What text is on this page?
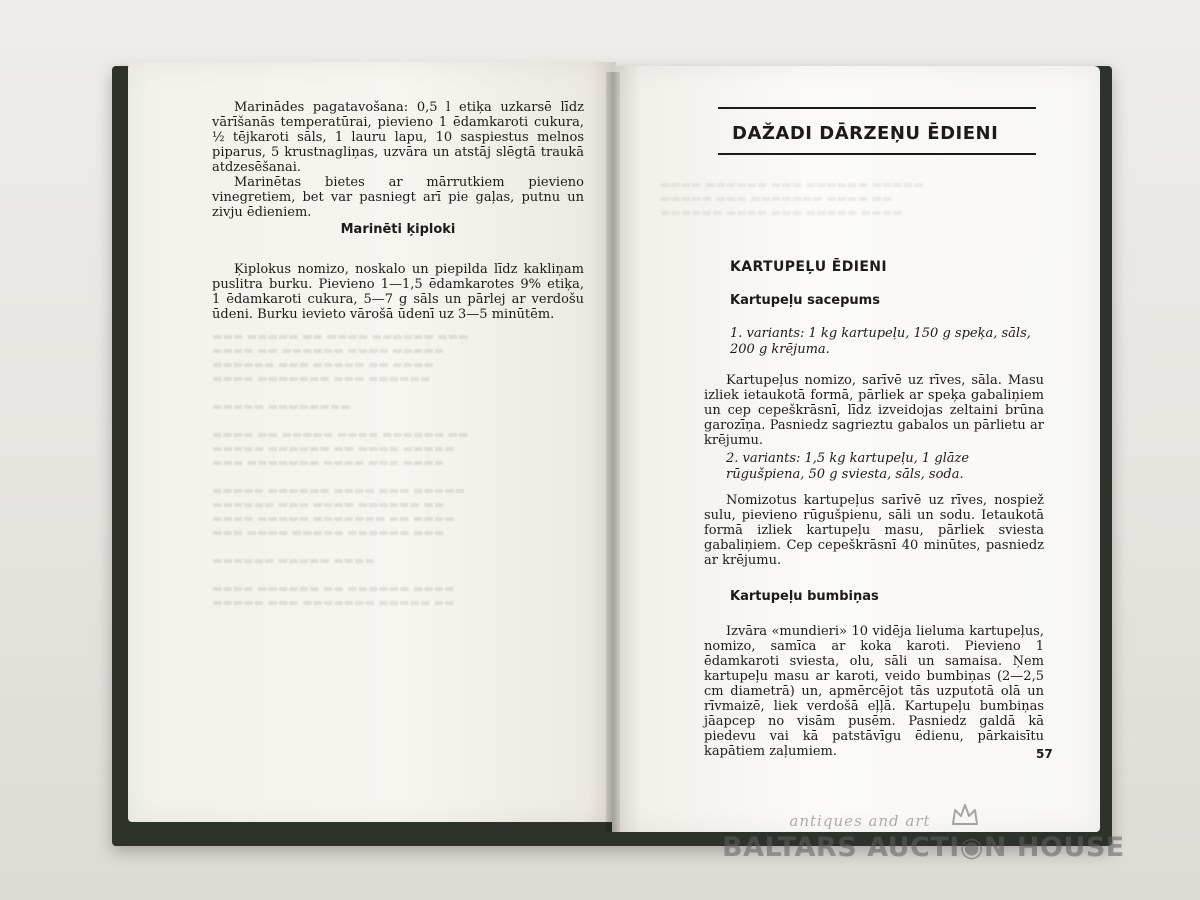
▬▬▬ ▬▬▬▬▬ ▬▬ ▬▬▬▬ ▬▬▬▬▬▬ ▬▬▬
▬▬▬▬ ▬▬ ▬▬▬▬▬▬ ▬▬▬▬ ▬▬▬▬▬
▬▬▬▬▬▬ ▬▬▬ ▬▬▬▬▬ ▬▬ ▬▬▬▬
▬▬▬▬ ▬▬▬▬▬▬▬ ▬▬▬ ▬▬▬▬▬▬

▬▬▬▬▬ ▬▬▬▬▬▬▬▬

▬▬▬▬ ▬▬ ▬▬▬▬▬ ▬▬▬▬ ▬▬▬▬▬▬ ▬▬
▬▬▬▬▬ ▬▬▬▬▬▬ ▬▬ ▬▬▬▬ ▬▬▬▬▬
▬▬▬ ▬▬▬▬▬▬▬ ▬▬▬▬ ▬▬▬ ▬▬▬▬

▬▬▬▬▬ ▬▬▬▬▬▬ ▬▬▬▬ ▬▬▬ ▬▬▬▬▬
▬▬▬▬▬▬ ▬▬▬ ▬▬▬▬ ▬▬▬▬▬▬ ▬▬
▬▬▬▬ ▬▬▬▬▬ ▬▬▬▬▬▬▬ ▬▬ ▬▬▬▬
▬▬▬ ▬▬▬▬ ▬▬▬▬▬ ▬▬▬▬▬▬ ▬▬▬

▬▬▬▬▬▬ ▬▬▬▬▬ ▬▬▬▬

▬▬▬▬ ▬▬▬▬▬▬ ▬▬ ▬▬▬▬▬▬ ▬▬▬▬
▬▬▬▬▬ ▬▬▬ ▬▬▬▬▬▬▬ ▬▬▬▬▬ ▬▬

▬▬▬▬ ▬▬▬▬▬▬ ▬▬▬ ▬▬▬▬▬▬ ▬▬▬▬▬
▬▬▬▬▬ ▬▬▬ ▬▬▬▬▬▬▬ ▬▬▬▬ ▬▬
▬▬▬▬▬▬ ▬▬▬▬ ▬▬▬ ▬▬▬▬▬ ▬▬▬▬

Marinādes pagatavošana: 0,5 l etiķa uzkarsē līdz vārīšanās temperatūrai, pievieno 1 ēdamkaroti cukura, ½ tējkaroti sāls, 1 lauru lapu, 10 saspiestus melnos piparus, 5 krustnagliņas, uzvāra un atstāj slēgtā traukā atdzesēšanai.

Marinētas bietes ar mārrutkiem pievieno vinegretiem, bet var pasniegt arī pie gaļas, putnu un zivju ēdieniem.

Marinēti ķiploki

Ķiplokus nomizo, noskalo un piepilda līdz kakliņam puslitra burku. Pievieno 1—1,5 ēdamkarotes 9% etiķa, 1 ēdamkaroti cukura, 5—7 g sāls un pārlej ar verdošu ūdeni. Burku ievieto vārošā ūdenī uz 3—5 minūtēm.

DAŽADI DĀRZEŅU ĒDIENI
KARTUPEĻU ĒDIENI
Kartupeļu sacepums
1. variants: 1 kg kartupeļu, 150 g speķa, sāls, 200 g krējuma.

Kartupeļus nomizo, sarīvē uz rīves, sāla. Masu izliek ietaukotā formā, pārliek ar speķa gabaliņiem un cep cepeškrāsnī, līdz izveidojas zeltaini brūna garozīņa. Pasniedz sagrieztu gabalos un pārlietu ar krējumu.

2. variants: 1,5 kg kartupeļu, 1 glāze rūgušpiena, 50 g sviesta, sāls, soda.

Nomizotus kartupeļus sarīvē uz rīves, nospiež sulu, pievieno rūgušpienu, sāli un sodu. Ietaukotā formā izliek kartupeļu masu, pārliek sviesta gabaliņiem. Cep cepeškrāsnī 40 minūtes, pasniedz ar krējumu.

Kartupeļu bumbiņas

Izvāra «mundieri» 10 vidēja lieluma kartupeļus, nomizo, samīca ar koka karoti. Pievieno 1 ēdamkaroti sviesta, olu, sāli un samaisa. Ņem kartupeļu masu ar karoti, veido bumbiņas (2—2,5 cm diametrā) un, apmērcējot tās uzputotā olā un rīvmaizē, liek verdošā eļļā. Kartupeļu bumbiņas jāapcep no visām pusēm. Pasniedz galdā kā piedevu vai kā patstāvīgu ēdienu, pārkaisītu kapātiem zaļumiem.	57
antiques and art
BALTARS AUCTI◉N HOUSE
